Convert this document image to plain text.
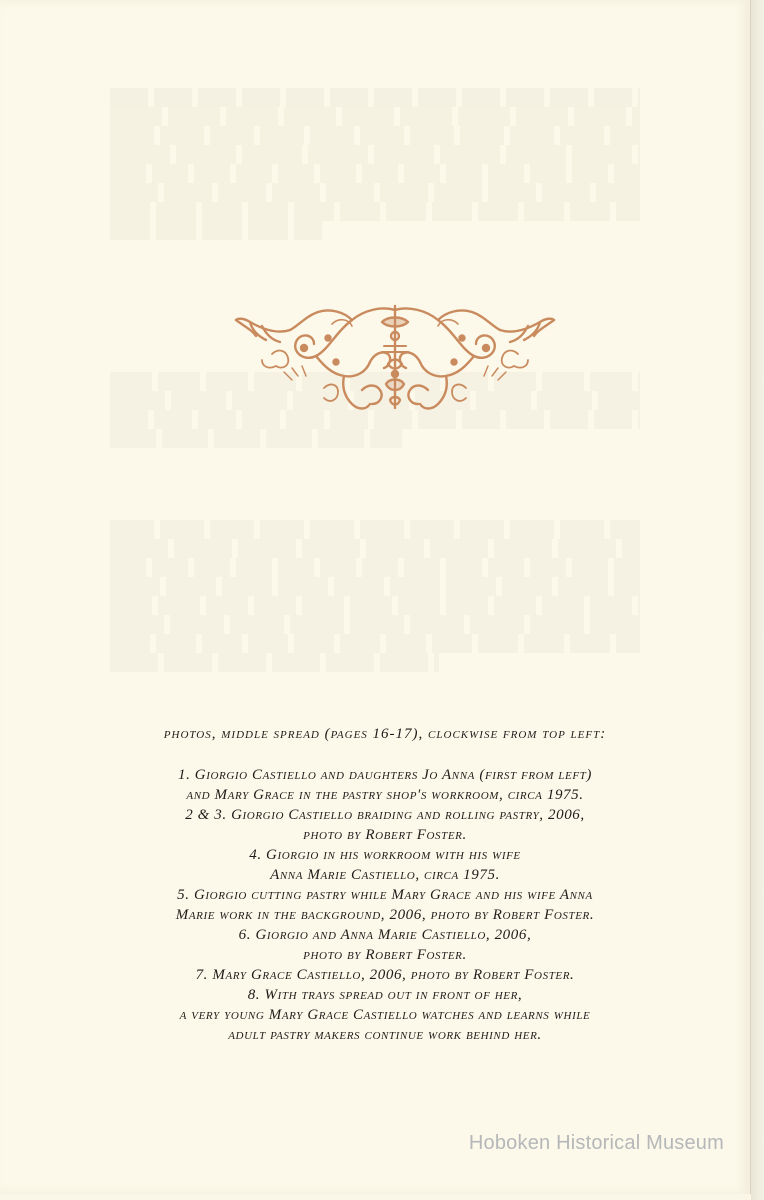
photos, middle spread (pages 16-17), clockwise from top left:

1. Giorgio Castiello and daughters Jo Anna (first from left)

and Mary Grace in the pastry shop's workroom, circa 1975.

2 & 3. Giorgio Castiello braiding and rolling pastry, 2006,

photo by Robert Foster.

4. Giorgio in his workroom with his wife

Anna Marie Castiello, circa 1975.

5. Giorgio cutting pastry while Mary Grace and his wife Anna

Marie work in the background, 2006, photo by Robert Foster.

6. Giorgio and Anna Marie Castiello, 2006,

photo by Robert Foster.

7. Mary Grace Castiello, 2006, photo by Robert Foster.

8. With trays spread out in front of her,

a very young Mary Grace Castiello watches and learns while

adult pastry makers continue work behind her.

Hoboken Historical Museum
